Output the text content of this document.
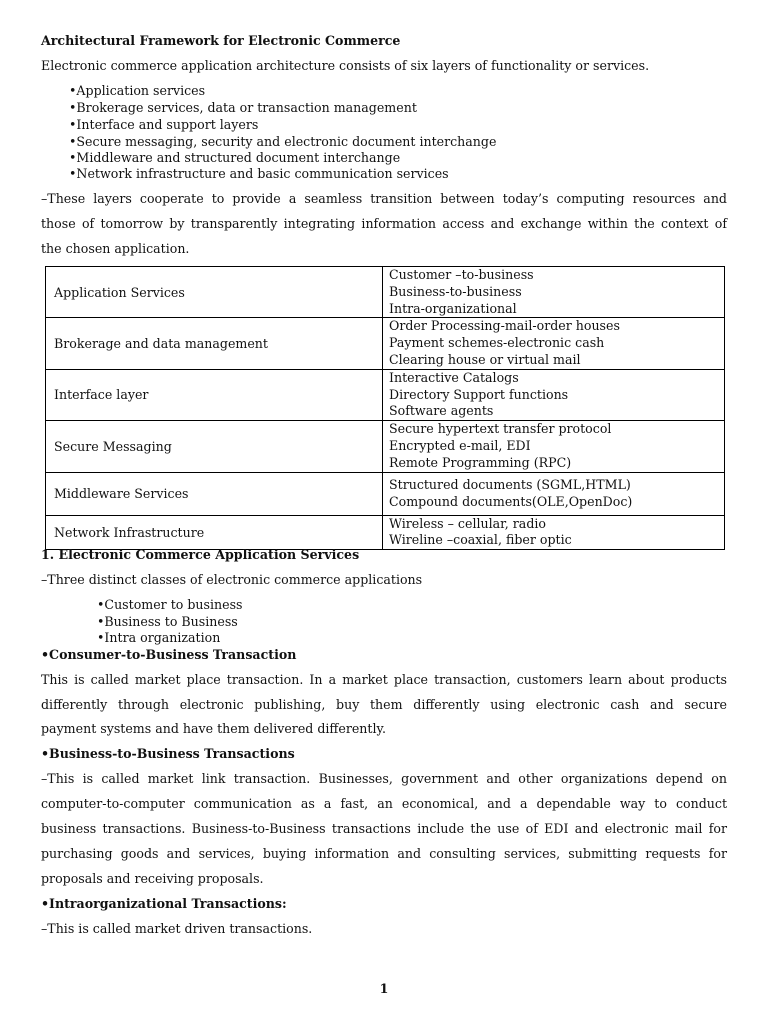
Architectural Framework for Electronic Commerce
Electronic commerce application architecture consists of six layers of functionality or services.
•Application services
•Brokerage services, data or transaction management
•Interface and support layers
•Secure messaging, security and electronic document interchange
•Middleware and structured document interchange
•Network infrastructure and basic communication services
–These layers cooperate to provide a seamless transition between today’s computing resources and
those of tomorrow by transparently integrating information access and exchange within the context of
the chosen application.
Application Services	Customer –to-business
Business-to-business
Intra-organizational

Brokerage and data management	Order Processing-mail-order houses
Payment schemes-electronic cash
Clearing house or virtual mail

Interface layer	Interactive Catalogs
Directory Support functions
Software agents

Secure Messaging	Secure hypertext transfer protocol
Encrypted e-mail, EDI
Remote Programming (RPC)

Middleware Services	Structured documents (SGML,HTML)
Compound documents(OLE,OpenDoc)

Network Infrastructure	Wireless – cellular, radio
Wireline –coaxial, fiber optic
1. Electronic Commerce Application Services
–Three distinct classes of electronic commerce applications
•Customer to business
•Business to Business
•Intra organization
•Consumer-to-Business Transaction
This is called market place transaction. In a market place transaction, customers learn about products
differently through electronic publishing, buy them differently using electronic cash and secure
payment systems and have them delivered differently.
•Business-to-Business Transactions
–This is called market link transaction. Businesses, government and other organizations depend on
computer-to-computer communication as a fast, an economical, and a dependable way to conduct
business transactions. Business-to-Business transactions include the use of EDI and electronic mail for
purchasing goods and services, buying information and consulting services, submitting requests for
proposals and receiving proposals.
•Intraorganizational Transactions:
–This is called market driven transactions.
1
